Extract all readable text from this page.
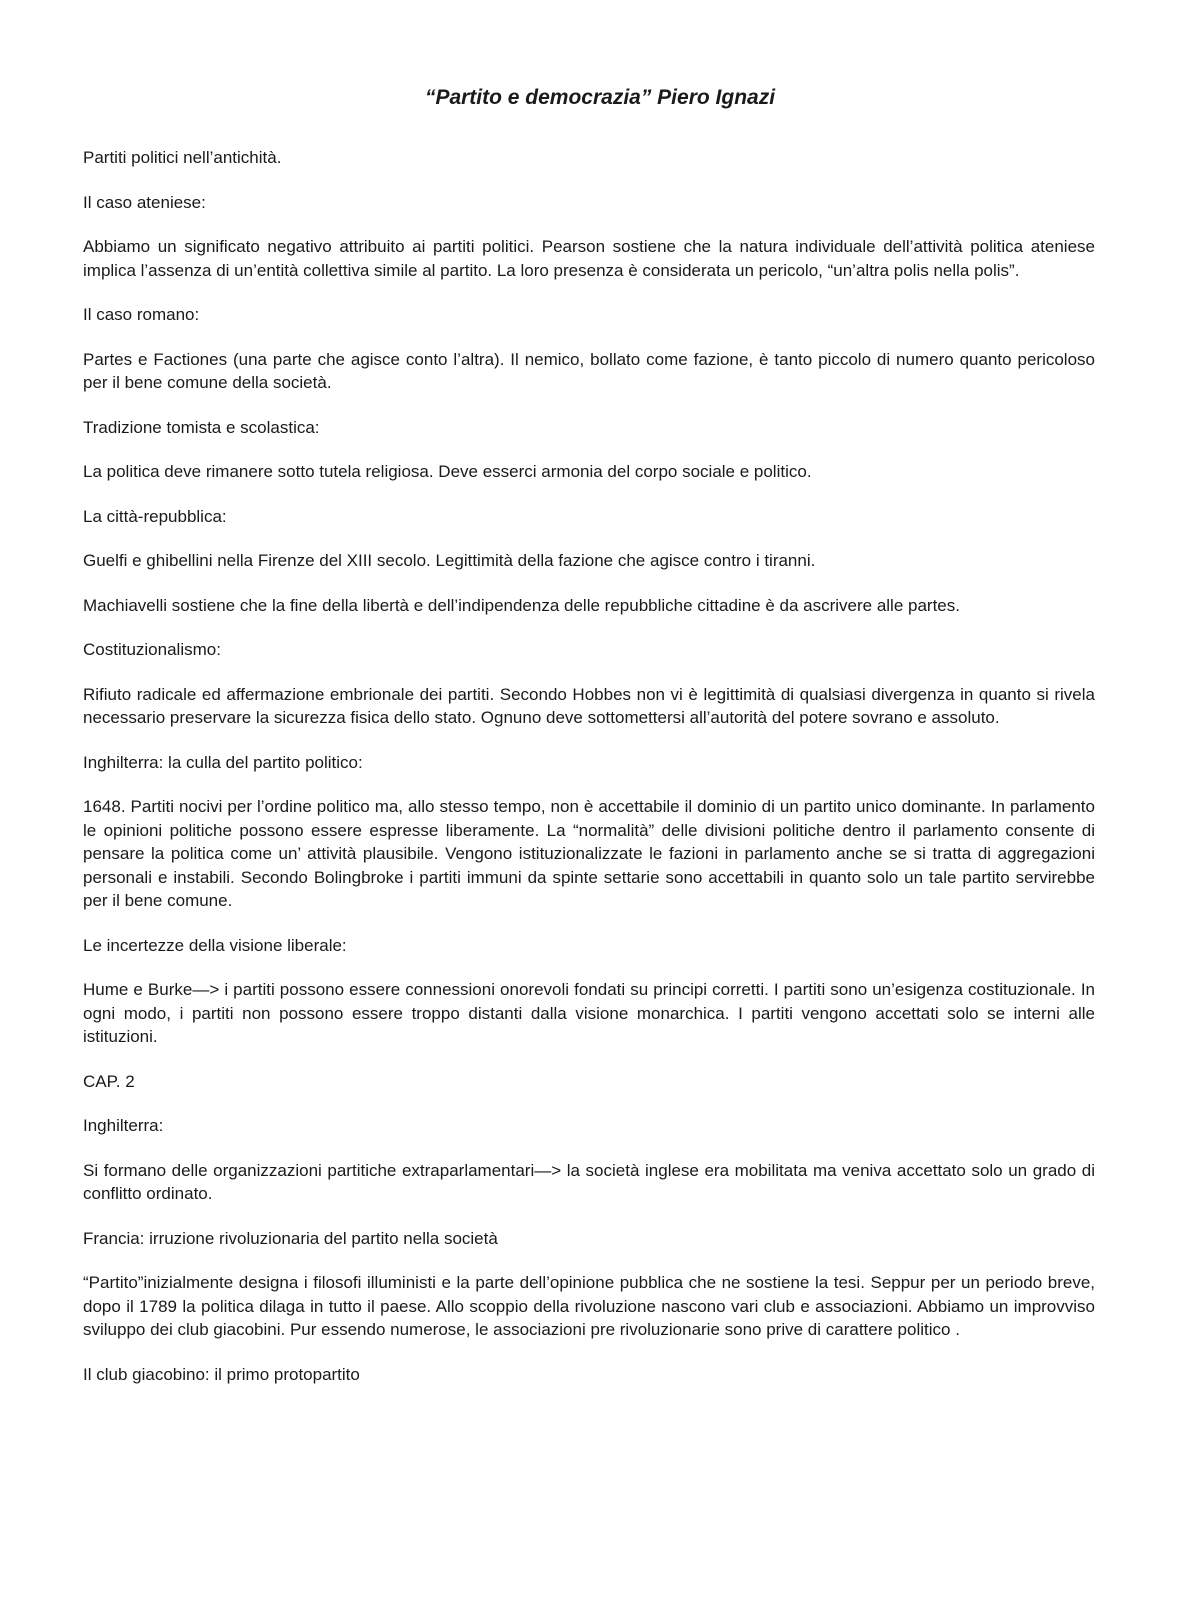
“Partito e democrazia” Piero Ignazi

Partiti politici nell’antichità.

Il caso ateniese:

Abbiamo un significato negativo attribuito ai partiti politici. Pearson sostiene che la natura individuale dell’attività politica ateniese implica l’assenza di un’entità collettiva simile al partito. La loro presenza è considerata un pericolo, “un’altra polis nella polis”.

Il caso romano:

Partes e Factiones (una parte che agisce conto l’altra). Il nemico, bollato come fazione, è tanto piccolo di numero quanto pericoloso per il bene comune della società.

Tradizione tomista e scolastica:

La politica deve rimanere sotto tutela religiosa. Deve esserci armonia del corpo sociale e politico.

La città-repubblica:

Guelfi e ghibellini nella Firenze del XIII secolo. Legittimità della fazione che agisce contro i tiranni.

Machiavelli sostiene che la fine della libertà e dell’indipendenza delle repubbliche cittadine è da ascrivere alle partes.

Costituzionalismo:

Rifiuto radicale ed affermazione embrionale dei partiti. Secondo Hobbes non vi è legittimità di qualsiasi divergenza in quanto si rivela necessario preservare la sicurezza fisica dello stato. Ognuno deve sottomettersi all’autorità del potere sovrano e assoluto.

Inghilterra: la culla del partito politico:

1648. Partiti nocivi per l’ordine politico ma, allo stesso tempo, non è accettabile il dominio di un partito unico dominante. In parlamento le opinioni politiche possono essere espresse liberamente. La “normalità” delle divisioni politiche dentro il parlamento consente di pensare la politica come un’ attività plausibile. Vengono istituzionalizzate le fazioni in parlamento anche se si tratta di aggregazioni personali e instabili. Secondo Bolingbroke i partiti immuni da spinte settarie sono accettabili in quanto solo un tale partito servirebbe per il bene comune.

Le incertezze della visione liberale:

Hume e Burke—> i partiti possono essere connessioni onorevoli fondati su principi corretti. I partiti sono un’esigenza costituzionale. In ogni modo, i partiti non possono essere troppo distanti dalla visione monarchica. I partiti vengono accettati solo se interni alle istituzioni.

CAP. 2

Inghilterra:

Si formano delle organizzazioni partitiche extraparlamentari—> la società inglese era mobilitata ma veniva accettato solo un grado di conflitto ordinato.

Francia: irruzione rivoluzionaria del partito nella società

“Partito”inizialmente designa i filosofi illuministi e la parte dell’opinione pubblica che ne sostiene la tesi. Seppur per un periodo breve, dopo il 1789 la politica dilaga in tutto il paese. Allo scoppio della rivoluzione nascono vari club e associazioni. Abbiamo un improvviso sviluppo dei club giacobini. Pur essendo numerose, le associazioni pre rivoluzionarie sono prive di carattere politico .

Il club giacobino: il primo protopartito
